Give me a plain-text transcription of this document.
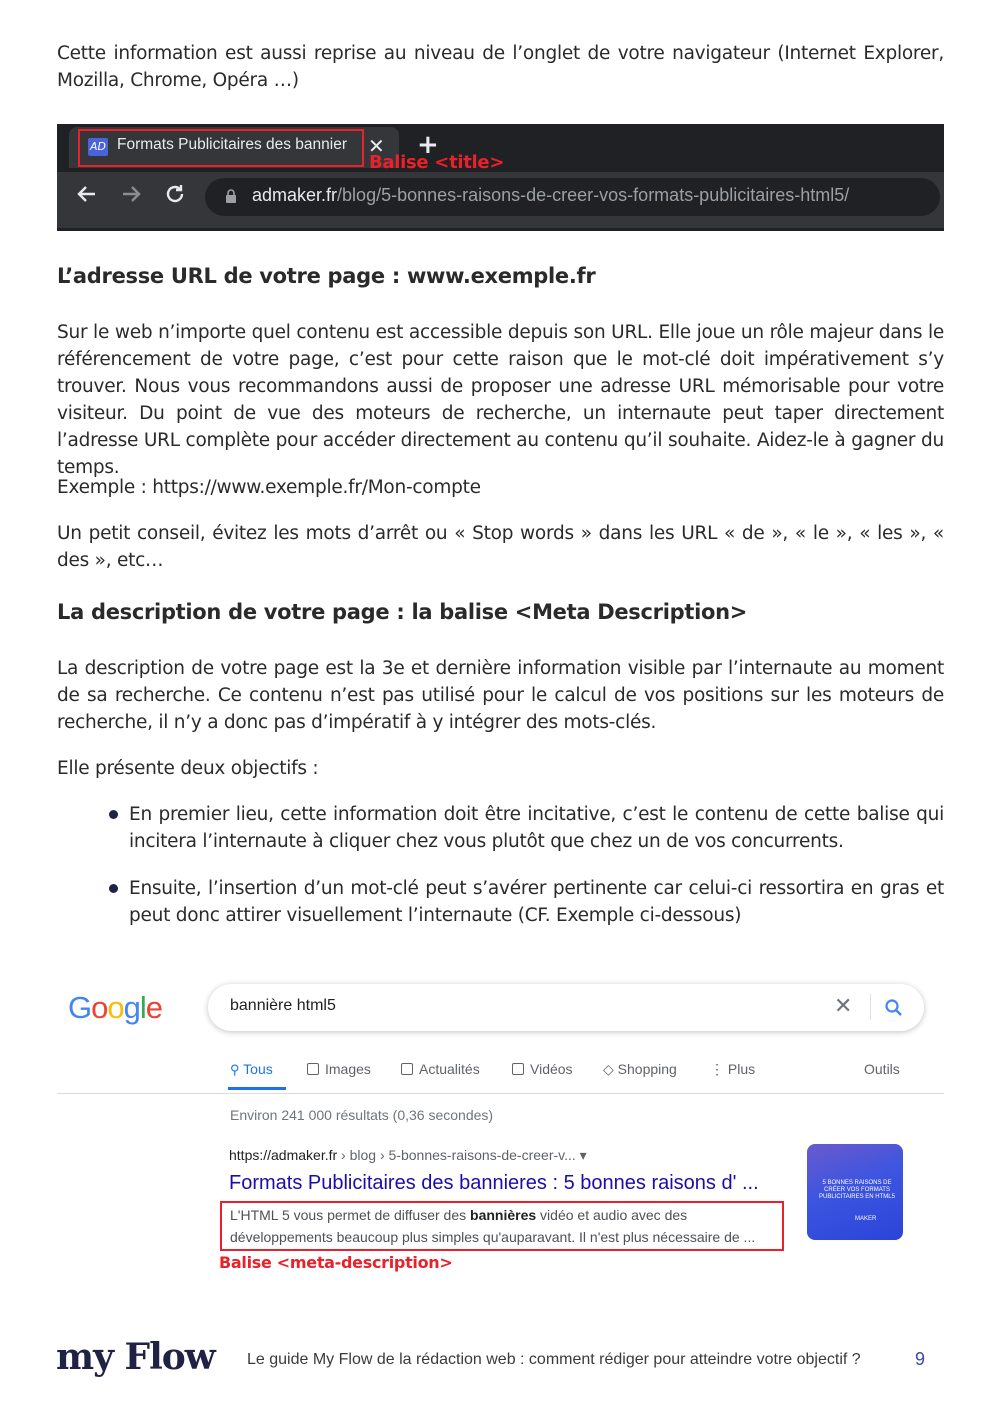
Cette information est aussi reprise au niveau de l’onglet de votre navigateur (Internet Explorer, Mozilla, Chrome, Opéra …)

AD Formats Publicitaires des bannier	✕ +
admaker.fr/blog/5-bonnes-raisons-de-creer-vos-formats-publicitaires-html5/
Balise <title>
L’adresse URL de votre page : www.exemple.fr

Sur le web n’importe quel contenu est accessible depuis son URL. Elle joue un rôle majeur dans le référencement de votre page, c’est pour cette raison que le mot-clé doit impérativement s’y trouver. Nous vous recommandons aussi de proposer une adresse URL mémorisable pour votre visiteur. Du point de vue des moteurs de recherche, un internaute peut taper directement l’adresse URL complète pour accéder directement au contenu qu’il souhaite. Aidez-le à gagner du temps.

Exemple : https://www.exemple.fr/Mon-compte

Un petit conseil, évitez les mots d’arrêt ou « Stop words » dans les URL « de », « le », « les », « des », etc…

La description de votre page : la balise <Meta Description>

La description de votre page est la 3e et dernière information visible par l’internaute au moment de sa recherche. Ce contenu n’est pas utilisé pour le calcul de vos positions sur les moteurs de recherche, il n’y a donc pas d’impératif à y intégrer des mots-clés.

Elle présente deux objectifs :

En premier lieu, cette information doit être incitative, c’est le contenu de cette balise qui incitera l’internaute à cliquer chez vous plutôt que chez un de vos concurrents.

Ensuite, l’insertion d’un mot-clé peut s’avérer pertinente car celui-ci ressortira en gras et peut donc attirer visuellement l’internaute (CF. Exemple ci-dessous)

Google	bannière html5	✕
⚲ Tous	Images	Actualités	Vidéos ◇ Shopping ⋮ Plus	Outils
Environ 241 000 résultats (0,36 secondes)
https://admaker.fr › blog › 5-bonnes-raisons-de-creer-v... ▾
Formats Publicitaires des bannieres : 5 bonnes raisons d' ...
L'HTML 5 vous permet de diffuser des bannières vidéo et audio avec des développements beaucoup plus simples qu'auparavant. Il n'est plus nécessaire de ...
Balise <meta-description>
5 BONNES RAISONS DE CRÉER VOS FORMATS PUBLICITAIRES EN HTML5
MAKER
my Flow Le guide My Flow de la rédaction web : comment rédiger pour atteindre votre objectif ?	9
